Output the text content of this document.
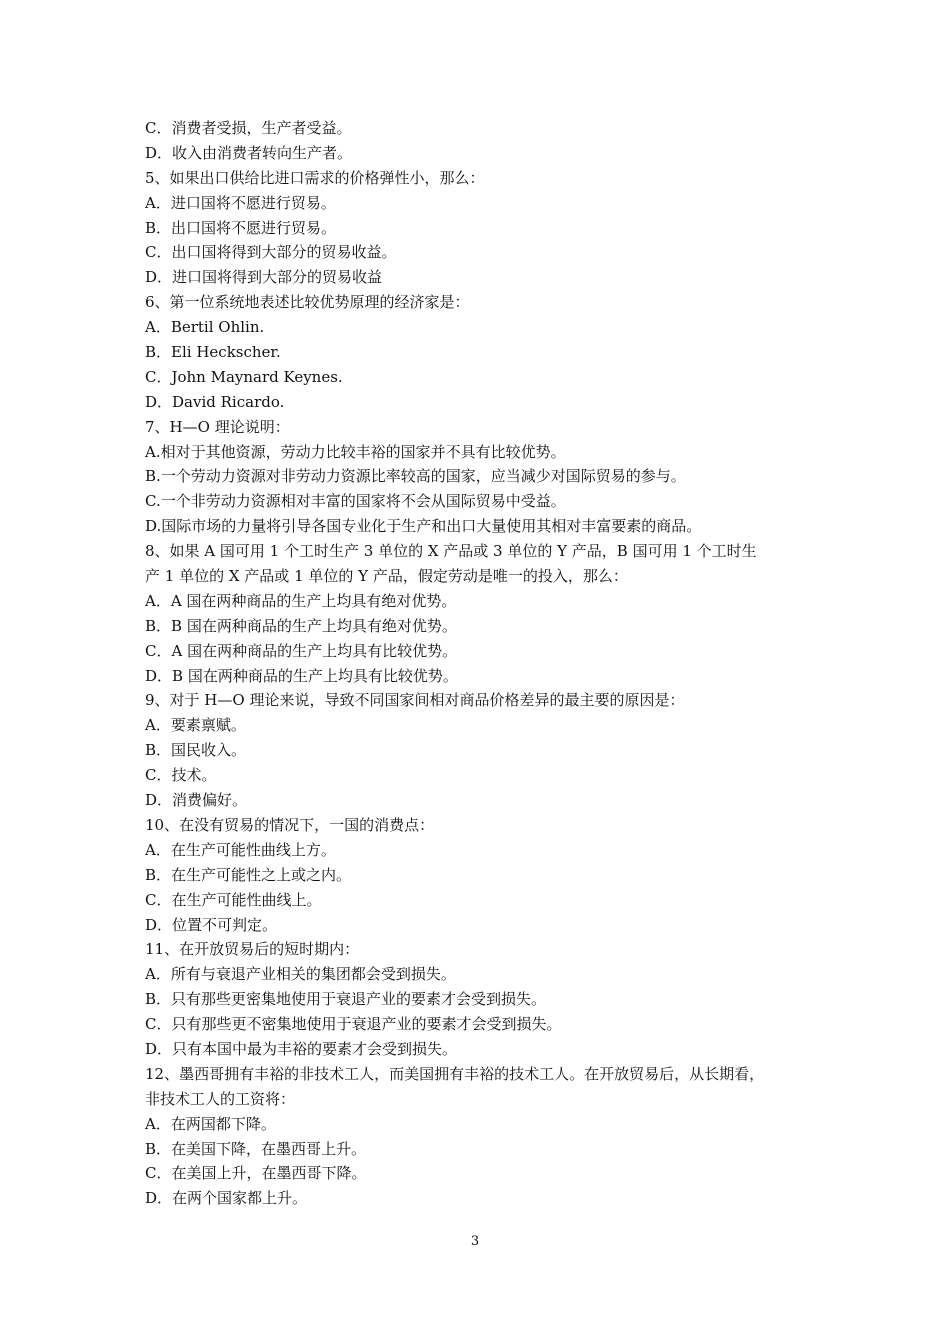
C．消费者受损，生产者受益。
D．收入由消费者转向生产者。
5、如果出口供给比进口需求的价格弹性小，那么：
A．进口国将不愿进行贸易。
B．出口国将不愿进行贸易。
C．出口国将得到大部分的贸易收益。
D．进口国将得到大部分的贸易收益
6、第一位系统地表述比较优势原理的经济家是：
A．Bertil Ohlin.
B．Eli Heckscher.
C．John Maynard Keynes.
D．David Ricardo.
7、H—O 理论说明：
A.相对于其他资源，劳动力比较丰裕的国家并不具有比较优势。
B.一个劳动力资源对非劳动力资源比率较高的国家，应当减少对国际贸易的参与。
C.一个非劳动力资源相对丰富的国家将不会从国际贸易中受益。
D.国际市场的力量将引导各国专业化于生产和出口大量使用其相对丰富要素的商品。
8、如果 A 国可用 1 个工时生产 3 单位的 X 产品或 3 单位的 Y 产品，B 国可用 1 个工时生
产 1 单位的 X 产品或 1 单位的 Y 产品，假定劳动是唯一的投入，那么：
A．A 国在两种商品的生产上均具有绝对优势。
B．B 国在两种商品的生产上均具有绝对优势。
C．A 国在两种商品的生产上均具有比较优势。
D．B 国在两种商品的生产上均具有比较优势。
9、对于 H—O 理论来说，导致不同国家间相对商品价格差异的最主要的原因是：
A．要素禀赋。
B．国民收入。
C．技术。
D．消费偏好。
10、在没有贸易的情况下，一国的消费点：
A．在生产可能性曲线上方。
B．在生产可能性之上或之内。
C．在生产可能性曲线上。
D．位置不可判定。
11、在开放贸易后的短时期内：
A．所有与衰退产业相关的集团都会受到损失。
B．只有那些更密集地使用于衰退产业的要素才会受到损失。
C．只有那些更不密集地使用于衰退产业的要素才会受到损失。
D．只有本国中最为丰裕的要素才会受到损失。
12、墨西哥拥有丰裕的非技术工人，而美国拥有丰裕的技术工人。在开放贸易后，从长期看，
非技术工人的工资将：
A．在两国都下降。
B．在美国下降，在墨西哥上升。
C．在美国上升，在墨西哥下降。
D．在两个国家都上升。
3
